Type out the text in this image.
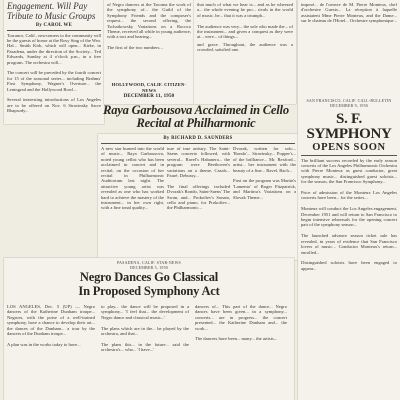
Engagement. Will Pay Tribute to Music Groups
By CAROL WE

Torrance, Calif., newcomers to the community will be the guests of honor at the Rosy Sing of the Wm. Hal... Smith Kirk, which will open... Kirke, in Pasadena, under the direction of the Society... Ted Edwards, Sunday at 4 o'clock p.m., in a free program. The orchestra will...

The concert will be preceded by the fourth concert for 15 of the seasonal series... including Brahms' First Symphony, Wagner's Overture... the Leningrad and the Hollywood Bowl...

Several interesting introductions of Los Angeles are to be offered on Nov. 6 Stravinsky Sacre Rhapsody...

of Negro dancers at the Tacoma the work of the symphony of... the Guild of the Symphony Friends and the composer's request... the second offering, the Tschaikowsky Variations on a Rococo Theme, received all while in young audience, with a tact and hearing...

The first of the two numbers...

HOLLYWOOD, CALIF. CITIZEN-NEWS
DECEMBER 11, 1950

that much of what we hear is... and as he wheezed a... the whole evening he pro... rivals in the world of music. he... that it was a triumph...

The audience was very... the sole who made the... of the instrument... and given a conquest as they were at... were... of things...

and grace. Throughout, the audience was a crowded, satisfied one.

Raya Garbousova Acclaimed in Cello Recital at Philharmonic
By RICHARD D. SAUNDERS

A new star burned into the world of music... Raya Garbousova, noted young cellist who has been acclaimed in concert and in recital, on the occasion of her recital in Philharmonic Auditorium last night. The attractive young artist was revealed as one who has worked hard to achieve the mastery of the instrument... in her own right, with a fine tonal quality...

ture of true artistry. The Saint-Saens concerto followed, with several... Ravel's Habanera... the program were Beethoven's variations on a theme, Casals... Fauré, Debussy...

The final offerings included Dvorak's Rondo, Saint-Saens' The Swan, and... Prokofiev's Sonata, cello and piano, for Prokofiev... the Philharmonic...

Dvorak, written for solo... 'Rondo'... Stravinsky... Popper's... of the brilliance... Mr. Rexford... artist... her instrument with the beauty of a fine... Ravel, Bach...

First on the program was Martin's 'Lamento' of Roger Fitzpatrick, and Martinu's Variations on a Slovak Theme...

imposé... de l'oeuvre de M. Pierre Monteux, chef d'orchestre Guests... La réception à laquelle assistaient Mme Pierre Monteux, and the Dame... sur le chateau de l'Hotel... Orchestre symphonique...

SAN FRANCISCO, CALIF. CALL-BULLETIN
DECEMBER 9, 1950
S. F. SYMPHONY
OPENS SOON

The brilliant success recorded by the early season concerts of the Los Angeles Philharmonic Orchestra with Pierre Monteux as guest conductor, great symphony music... distinguished guest soloists... for the season, the San Francisco Symphony...

Price of admission of the Monteux Los Angeles concerts have been... for the series...

Monteux will conduct the Los Angeles engagement, December 1951 and will return to San Francisco to begin intensive rehearsals for the opening concert pair of the symphony season...

The launched advance season ticket sale has revealed, in years of evidence that San Francisco lovers of music... Conductor Monteux's return... enrolled...

Distinguished soloists have been engaged to appear...

PASADENA, CALIF. STAR-NEWS
DECEMBER 5, 1950
Negro Dances Go Classical
In Proposed Symphony Act

LOS ANGELES, Dec. 5 (UP) — Negro dancers of the Katherine Dunham troupe... Negroes, with the poise of a well-trained symphony, have a chance to develop their art... the dances of the Dunham... a tour by the dancers of the Dunham troupe...

A plan was in the works today to have...

to play... the dance will be proposed in a symphony... 'I feel that... the development of Negro dance and classical music...'

The plans which are in the... be played by the orchestra, and that...

The plans this... in the future... said the orchestra's... who... 'I have...'

dancers of... This part of the dance... Negro dances have been given... in a symphony... concerts... are in progress... the concert presented... the Katherine Dunham and... the work...

The dancers have been... many... the artists...
